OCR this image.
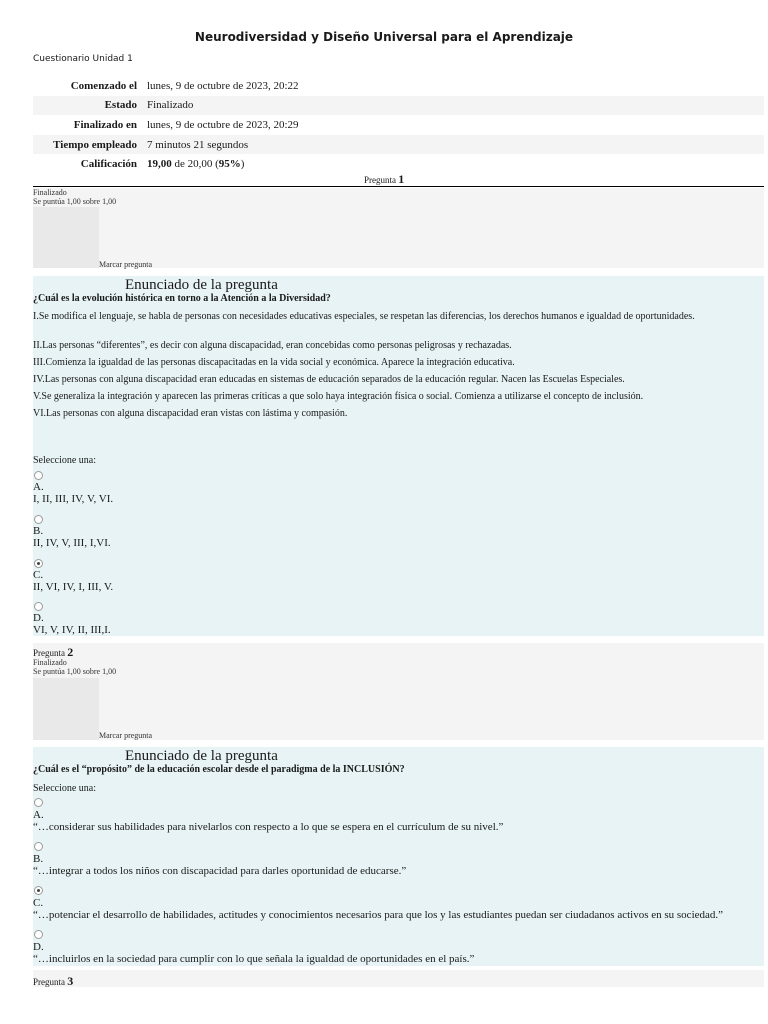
Neurodiversidad y Diseño Universal para el Aprendizaje
Cuestionario Unidad 1
Comenzado el	lunes, 9 de octubre de 2023, 20:22
Estado	Finalizado
Finalizado en	lunes, 9 de octubre de 2023, 20:29
Tiempo empleado	7 minutos 21 segundos
Calificación	19,00 de 20,00 (95%)
Pregunta 1
Finalizado
Se puntúa 1,00 sobre 1,00
Marcar pregunta
Enunciado de la pregunta
¿Cuál es la evolución histórica en torno a la Atención a la Diversidad?
I.Se modifica el lenguaje, se habla de personas con necesidades educativas especiales, se respetan las diferencias, los derechos humanos e igualdad de oportunidades.
II.Las personas “diferentes”, es decir con alguna discapacidad, eran concebidas como personas peligrosas y rechazadas.
III.Comienza la igualdad de las personas discapacitadas en la vida social y económica. Aparece la integración educativa.
IV.Las personas con alguna discapacidad eran educadas en sistemas de educación separados de la educación regular. Nacen las Escuelas Especiales.
V.Se generaliza la integración y aparecen las primeras críticas a que solo haya integración física o social. Comienza a utilizarse el concepto de inclusión.
VI.Las personas con alguna discapacidad eran vistas con lástima y compasión.
Seleccione una:
A.
I, II, III, IV, V, VI.
B.
II, IV, V, III, I,VI.
C.
II, VI, IV, I, III, V.
D.
VI, V, IV, II, III,I.
Pregunta 2
Finalizado
Se puntúa 1,00 sobre 1,00
Marcar pregunta
Enunciado de la pregunta
¿Cuál es el “propósito” de la educación escolar desde el paradigma de la INCLUSIÓN?
Seleccione una:
A.
“…considerar sus habilidades para nivelarlos con respecto a lo que se espera en el currículum de su nivel.”
B.
“…integrar a todos los niños con discapacidad para darles oportunidad de educarse.”
C.
“…potenciar el desarrollo de habilidades, actitudes y conocimientos necesarios para que los y las estudiantes puedan ser ciudadanos activos en su sociedad.”
D.
“…incluirlos en la sociedad para cumplir con lo que señala la igualdad de oportunidades en el país.”
Pregunta 3
